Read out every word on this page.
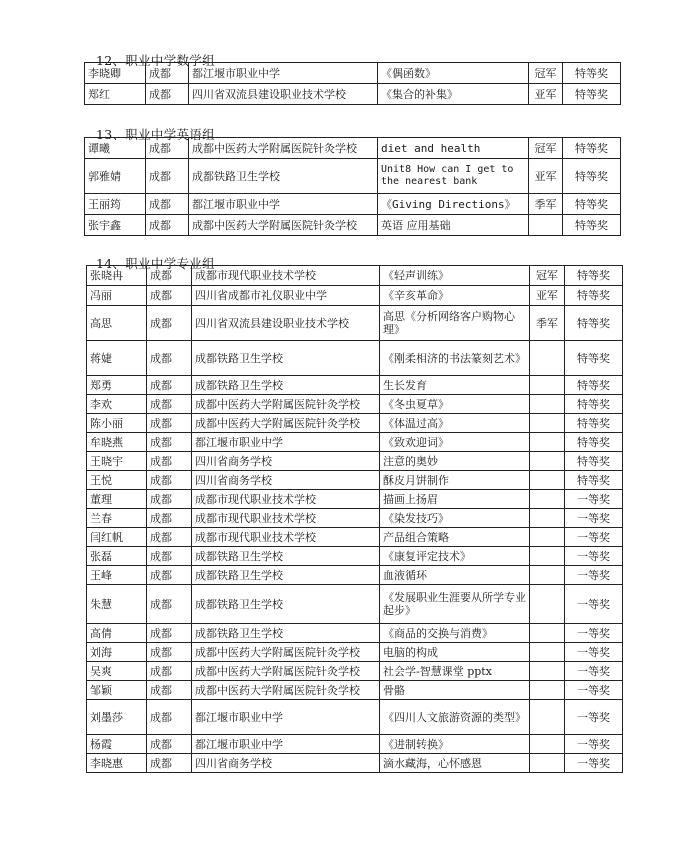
12、职业中学数学组
李晓卿	成都	都江堰市职业中学	《偶函数》	冠军	特等奖
郑红	成都	四川省双流县建设职业技术学校	《集合的补集》	亚军	特等奖
13、职业中学英语组
谭曦	成都	成都中医药大学附属医院针灸学校	diet and health	冠军	特等奖
郭雅婧	成都	成都铁路卫生学校	Unit8 How can I get to the nearest bank	亚军	特等奖
王丽筠	成都	都江堰市职业中学	《Giving Directions》	季军	特等奖
张宇鑫	成都	成都中医药大学附属医院针灸学校	英语 应用基础		特等奖
14、职业中学专业组
张晓冉	成都	成都市现代职业技术学校	《轻声训练》	冠军	特等奖
冯丽	成都	四川省成都市礼仪职业中学	《辛亥革命》	亚军	特等奖
高思	成都	四川省双流县建设职业技术学校	高思《分析网络客户购物心理》	季军	特等奖
蒋婕	成都	成都铁路卫生学校	《刚柔相济的书法篆刻艺术》		特等奖
郑勇	成都	成都铁路卫生学校	生长发育		特等奖
李欢	成都	成都中医药大学附属医院针灸学校	《冬虫夏草》		特等奖
陈小丽	成都	成都中医药大学附属医院针灸学校	《体温过高》		特等奖
牟晓燕	成都	都江堰市职业中学	《致欢迎词》		特等奖
王晓宇	成都	四川省商务学校	注意的奥妙		特等奖
王悦	成都	四川省商务学校	酥皮月饼制作		特等奖
董理	成都	成都市现代职业技术学校	描画上扬眉		一等奖
兰春	成都	成都市现代职业技术学校	《染发技巧》		一等奖
闫红帆	成都	成都市现代职业技术学校	产品组合策略		一等奖
张磊	成都	成都铁路卫生学校	《康复评定技术》		一等奖
王峰	成都	成都铁路卫生学校	血液循环		一等奖
朱慧	成都	成都铁路卫生学校	《发展职业生涯要从所学专业起步》		一等奖
高倩	成都	成都铁路卫生学校	《商品的交换与消费》		一等奖
刘海	成都	成都中医药大学附属医院针灸学校	电脑的构成		一等奖
吴爽	成都	成都中医药大学附属医院针灸学校	社会学-智慧课堂 pptx		一等奖
邹颖	成都	成都中医药大学附属医院针灸学校	骨骼		一等奖
刘墨莎	成都	都江堰市职业中学	《四川人文旅游资源的类型》		一等奖
杨霞	成都	都江堰市职业中学	《进制转换》		一等奖
李晓惠	成都	四川省商务学校	滴水藏海，心怀感恩		一等奖
